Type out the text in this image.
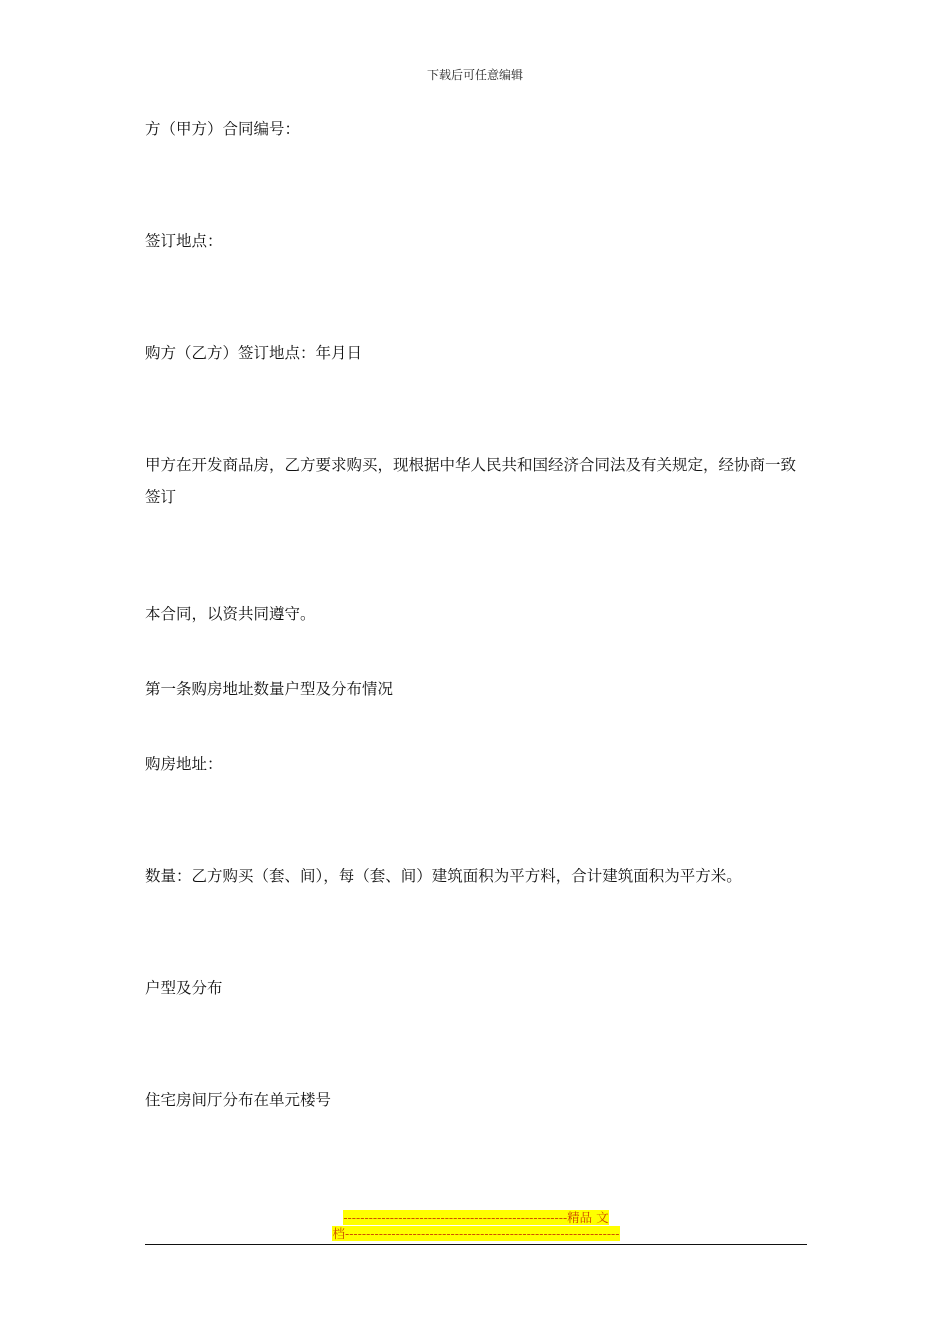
下载后可任意编辑
方（甲方）合同编号：
签订地点：
购方（乙方）签订地点：年月日
甲方在开发商品房，乙方要求购买，现根据中华人民共和国经济合同法及有关规定，经协商一致签订
本合同，以资共同遵守。
第一条购房地址数量户型及分布情况
购房地址：
数量：乙方购买（套、间），每（套、间）建筑面积为平方料，合计建筑面积为平方米。
户型及分布
住宅房间厅分布在单元楼号
-----------------------------------------------------精品 文
档-----------------------------------------------------------------
